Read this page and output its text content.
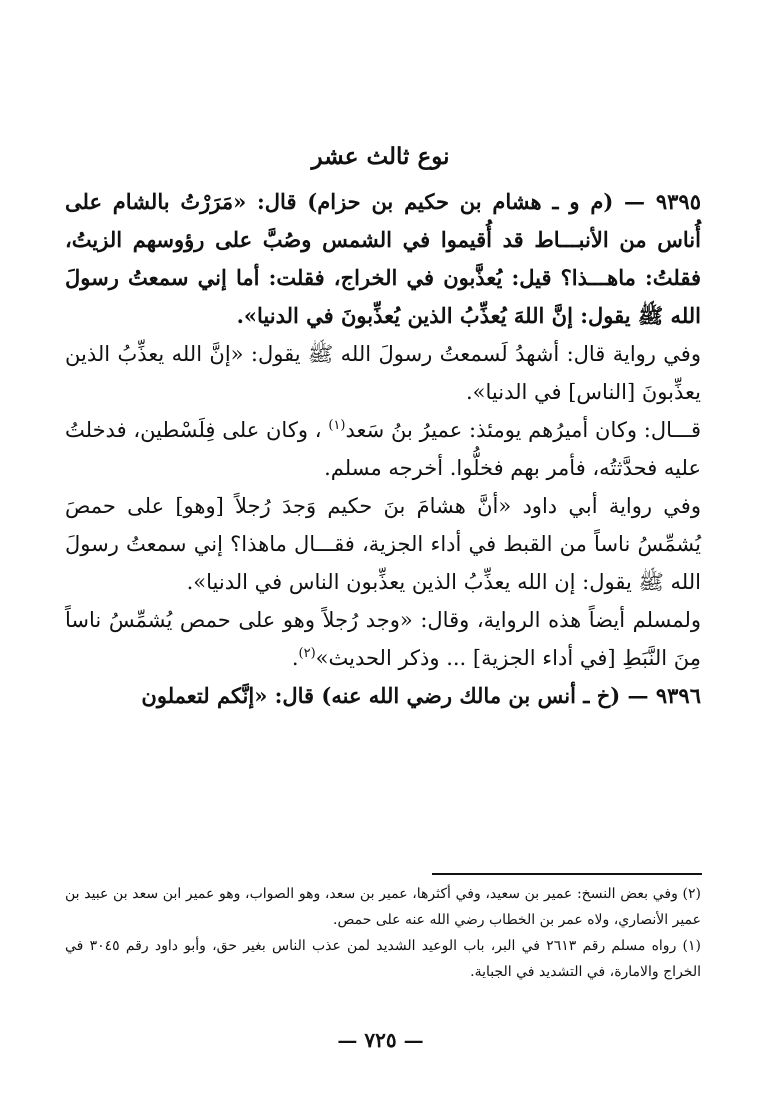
نوع ثالث عشر

٩٣٩٥ — (م و ـ هشام بن حكيم بن حزام) قال: «مَرَرْتُ بالشام على أُناس من الأنبـــاط قد أُقيموا في الشمس وصُبَّ على رؤوسهم الزيتُ، فقلتُ: ماهـــذا؟ قيل: يُعذَّبون في الخراج، فقلت: أما إني سمعتُ رسولَ الله ﷺ يقول: إنَّ اللهَ يُعذِّبُ الذين يُعذِّبونَ في الدنيا».

وفي رواية قال: أشهدُ لَسمعتُ رسولَ الله ﷺ يقول: «إنَّ الله يعذِّبُ الذين يعذِّبونَ [الناس] في الدنيا».

قـــال: وكان أميرُهم يومئذ: عميرُ بنُ سَعد$^{(١)}$ ، وكان على فِلَسْطين، فدخلتُ عليه فحدَّثتُه، فأمر بهم فخلُّوا. أخرجه مسلم.

وفي رواية أبي داود «أنَّ هشامَ بنَ حكيم وَجدَ رُجلاً [وهو] على حمصَ يُشمِّسُ ناساً من القبط في أداء الجزية، فقـــال ماهذا؟ إني سمعتُ رسولَ الله ﷺ يقول: إن الله يعذِّبُ الذين يعذِّبون الناس في الدنيا».

ولمسلم أيضاً هذه الرواية، وقال: «وجد رُجلاً وهو على حمص يُشمِّسُ ناساً مِنَ النَّبَطِ [في أداء الجزية] ... وذكر الحديث»$^{(٢)}$.

٩٣٩٦ — (خ ـ أنس بن مالك رضي الله عنه) قال: «إنَّكم لتعملون

(٢) وفي بعض النسخ: عمير بن سعيد، وفي أكثرها، عمير بن سعد، وهو الصواب، وهو عمير ابن سعد بن عبيد بن عمير الأنصاري، ولاه عمر بن الخطاب رضي الله عنه على حمص.

(١) رواه مسلم رقم ٢٦١٣ في البر، باب الوعيد الشديد لمن عذب الناس بغير حق، وأبو داود رقم ٣٠٤٥ في الخراج والامارة، في التشديد في الجباية.

— ٧٢٥ —
